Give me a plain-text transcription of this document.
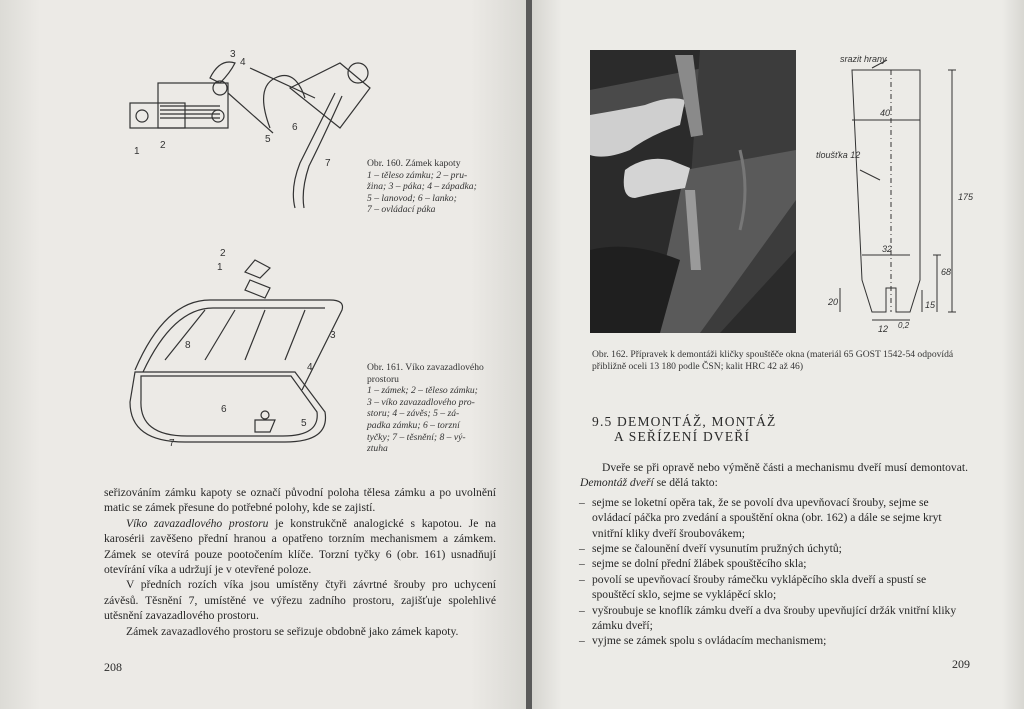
3
4
1
2
5
6
7	Obr. 160. Zámek kapoty
1 – těleso zámku; 2 – pru-
žina; 3 – páka; 4 – západka;
5 – lanovod; 6 – lanko;
7 – ovládací páka
2
1
3
8
4
6
5
7
Obr. 161. Víko zavazadlového
prostoru
1 – zámek; 2 – těleso zámku;
3 – víko zavazadlového pro-
storu; 4 – závěs; 5 – zá-
padka zámku; 6 – torzní
tyčky; 7 – těsnění; 8 – vý-
ztuha

seřizováním zámku kapoty se označí původní poloha tělesa zámku a po uvolnění matic se zámek přesune do potřebné polohy, kde se zajistí.

Víko zavazadlového prostoru je konstrukčně analogické s kapotou. Je na karosérii zavěšeno přední hranou a opatřeno torzním mechanismem a zámkem. Zámek se otevírá pouze pootočením klíče. Torzní tyčky 6 (obr. 161) usnadňují otevírání víka a udržují je v otevřené poloze.

V předních rozích víka jsou umístěny čtyři závrtné šrouby pro uchycení závěsů. Těsnění 7, umístěné ve výřezu zadního prostoru, zajišťuje spolehlivé utěsnění zavazadlového prostoru.

Zámek zavazadlového prostoru se seřizuje obdobně jako zámek kapoty.

208
srazit hrany
tloušťka 12
40
175
32
68
20	15
12 0,2
Obr. 162. Přípravek k demontáži kličky spouštěče okna (materiál 65 GOST 1542-54 odpovídá přibližně oceli 13 180 podle ČSN; kalit HRC 42 až 46)
9.5 DEMONTÁŽ, MONTÁŽ
A SEŘÍZENÍ DVEŘÍ

Dveře se při opravě nebo výměně části a mechanismu dveří musí demontovat. Demontáž dveří se dělá takto:

– sejme se loketní opěra tak, že se povolí dva upevňovací šrouby, sejme se ovládací páčka pro zvedání a spouštění okna (obr. 162) a dále se sejme kryt vnitřní kliky dveří šroubovákem;
– sejme se čalounění dveří vysunutím pružných úchytů;
– sejme se dolní přední žlábek spouštěcího skla;
– povolí se upevňovací šrouby rámečku vyklápěcího skla dveří a spustí se spouštěcí sklo, sejme se vyklápěcí sklo;
– vyšroubuje se knoflík zámku dveří a dva šrouby upevňující držák vnitřní kliky zámku dveří;
– vyjme se zámek spolu s ovládacím mechanismem;
209
